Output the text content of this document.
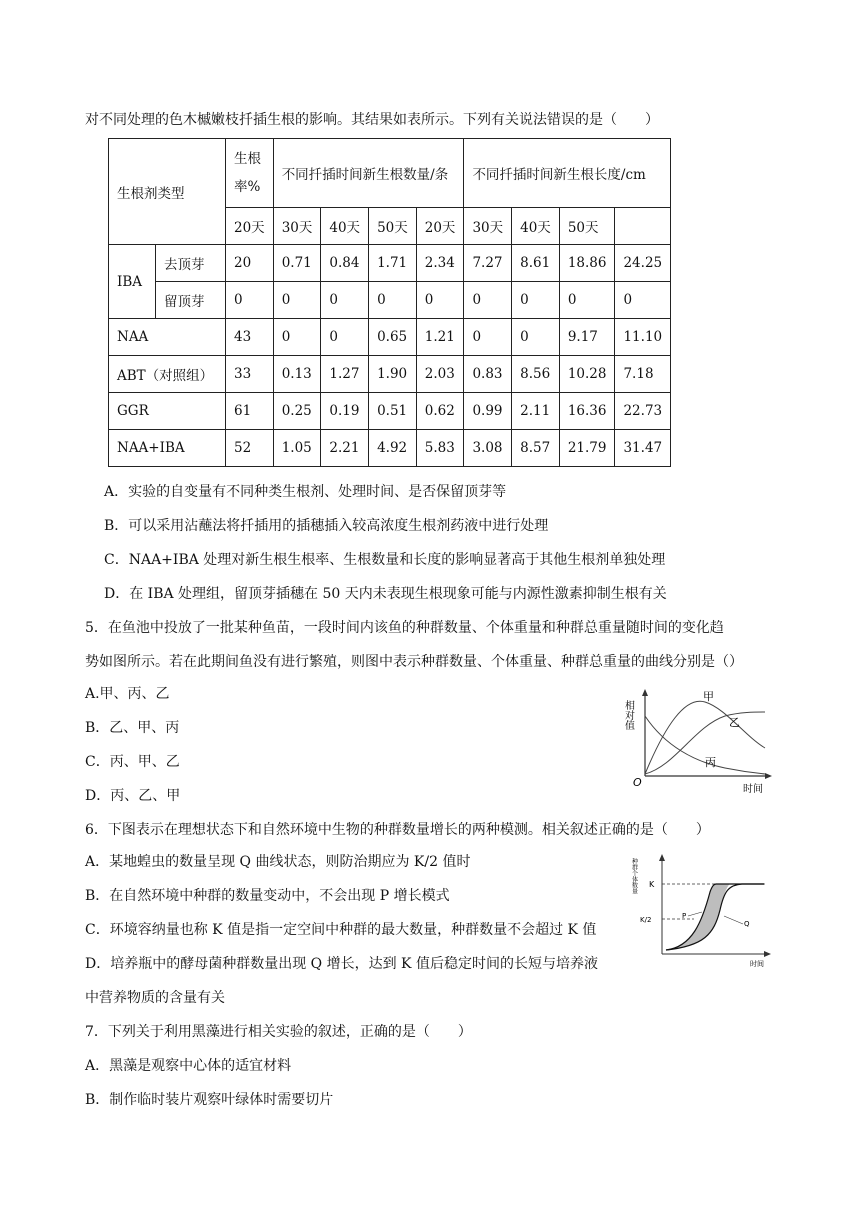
对不同处理的色木槭嫩枝扦插生根的影响。其结果如表所示。下列有关说法错误的是（　　）
生根剂类型		生根
率%	不同扦插时间新生根数量/条				不同扦插时间新生根长度/cm			
		20天	30天	40天	50天	20天	30天	40天	50天	
IBA	去顶芽	20	0.71	0.84	1.71	2.34	7.27	8.61	18.86	24.25
	留顶芽	0	0	0	0	0	0	0	0	0
NAA		43	0	0	0.65	1.21	0	0	9.17	11.10
ABT（对照组）		33	0.13	1.27	1.90	2.03	0.83	8.56	10.28	7.18
GGR		61	0.25	0.19	0.51	0.62	0.99	2.11	16.36	22.73
NAA+IBA		52	1.05	2.21	4.92	5.83	3.08	8.57	21.79	31.47
A．实验的自变量有不同种类生根剂、处理时间、是否保留顶芽等
B．可以采用沾蘸法将扦插用的插穗插入较高浓度生根剂药液中进行处理
C．NAA+IBA 处理对新生根生根率、生根数量和长度的影响显著高于其他生根剂单独处理
D．在 IBA 处理组，留顶芽插穗在 50 天内未表现生根现象可能与内源性激素抑制生根有关
5．在鱼池中投放了一批某种鱼苗，一段时间内该鱼的种群数量、个体重量和种群总重量随时间的变化趋
势如图所示。若在此期间鱼没有进行繁殖，则图中表示种群数量、个体重量、种群总重量的曲线分别是（）
A.甲、丙、乙
B．乙、甲、丙
C．丙、甲、乙
D．丙、乙、甲
相对值
时间
O
甲
乙
丙
6．下图表示在理想状态下和自然环境中生物的种群数量增长的两种模测。相关叙述正确的是（　　）
A．某地蝗虫的数量呈现 Q 曲线状态，则防治期应为 K/2 值时
B．在自然环境中种群的数量变动中，不会出现 P 增长模式
C．环境容纳量也称 K 值是指一定空间中种群的最大数量，种群数量不会超过 K 值
D．培养瓶中的酵母菌种群数量出现 Q 增长，达到 K 值后稳定时间的长短与培养液
中营养物质的含量有关
种群个体数量
时间
K
K/2	P
Q
7．下列关于利用黑藻进行相关实验的叙述，正确的是（　　）
A．黑藻是观察中心体的适宜材料
B．制作临时装片观察叶绿体时需要切片
